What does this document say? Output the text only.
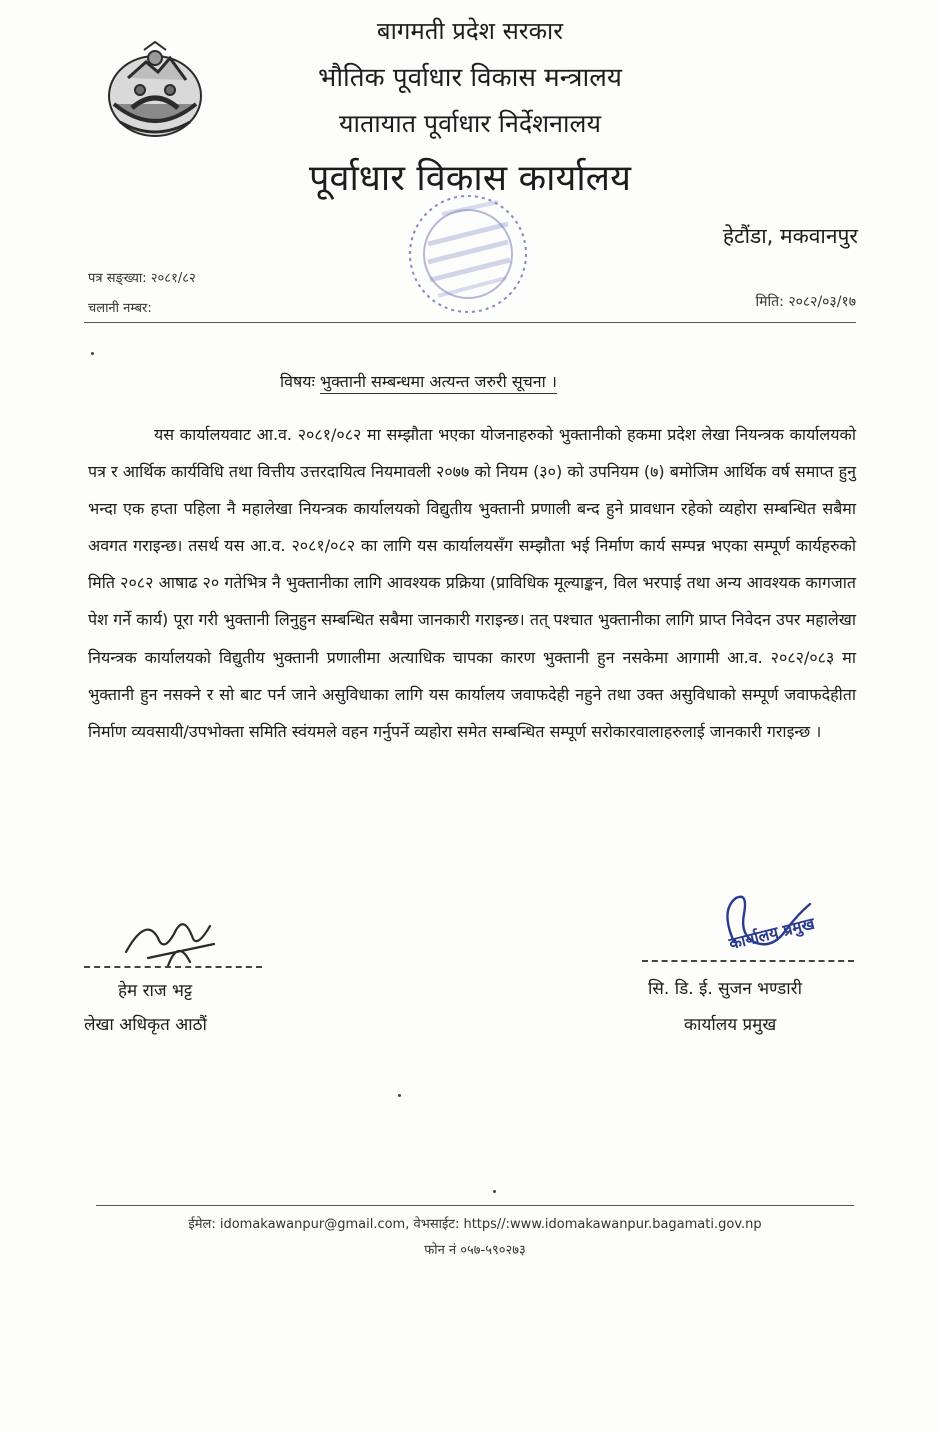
बागमती प्रदेश सरकार
भौतिक पूर्वाधार विकास मन्त्रालय
यातायात पूर्वाधार निर्देशनालय
पूर्वाधार विकास कार्यालय
हेटौंडा, मकवानपुर
पत्र सङ्ख्या: २०८१/८२
चलानी नम्बर:	मिति: २०८२/०३/१७
विषयः भुक्तानी सम्बन्धमा अत्यन्त जरुरी सूचना ।

यस कार्यालयवाट आ.व. २०८१/०८२ मा सम्झौता भएका योजनाहरुको भुक्तानीको हकमा प्रदेश लेखा नियन्त्रक कार्यालयको पत्र र आर्थिक कार्यविधि तथा वित्तीय उत्तरदायित्व नियमावली २०७७ को नियम (३०) को उपनियम (७) बमोजिम आर्थिक वर्ष समाप्त हुनु भन्दा एक हप्ता पहिला नै महालेखा नियन्त्रक कार्यालयको विद्युतीय भुक्तानी प्रणाली बन्द हुने प्रावधान रहेको व्यहोरा सम्बन्धित सबैमा अवगत गराइन्छ। तसर्थ यस आ.व. २०८१/०८२ का लागि यस कार्यालयसँग सम्झौता भई निर्माण कार्य सम्पन्न भएका सम्पूर्ण कार्यहरुको मिति २०८२ आषाढ २० गतेभित्र नै भुक्तानीका लागि आवश्यक प्रक्रिया (प्राविधिक मूल्याङ्कन, विल भरपाई तथा अन्य आवश्यक कागजात पेश गर्ने कार्य) पूरा गरी भुक्तानी लिनुहुन सम्बन्धित सबैमा जानकारी गराइन्छ। तत् पश्चात भुक्तानीका लागि प्राप्त निवेदन उपर महालेखा नियन्त्रक कार्यालयको विद्युतीय भुक्तानी प्रणालीमा अत्याधिक चापका कारण भुक्तानी हुन नसकेमा आगामी आ.व. २०८२/०८३ मा भुक्तानी हुन नसक्ने र सो बाट पर्न जाने असुविधाका लागि यस कार्यालय जवाफदेही नहुने तथा उक्त असुविधाको सम्पूर्ण जवाफदेहीता निर्माण व्यवसायी/उपभोक्ता समिति स्वंयमले वहन गर्नुपर्ने व्यहोरा समेत सम्बन्धित सम्पूर्ण सरोकारवालाहरुलाई जानकारी गराइन्छ ।

हेम राज भट्ट
लेखा अधिकृत आठौं
कार्यालय प्रमुख
सि. डि. ई. सुजन भण्डारी
कार्यालय प्रमुख
ईमेल: idomakawanpur@gmail.com, वेभसाईट: https//:www.idomakawanpur.bagamati.gov.np
फोन नं ०५७-५९०२७३
